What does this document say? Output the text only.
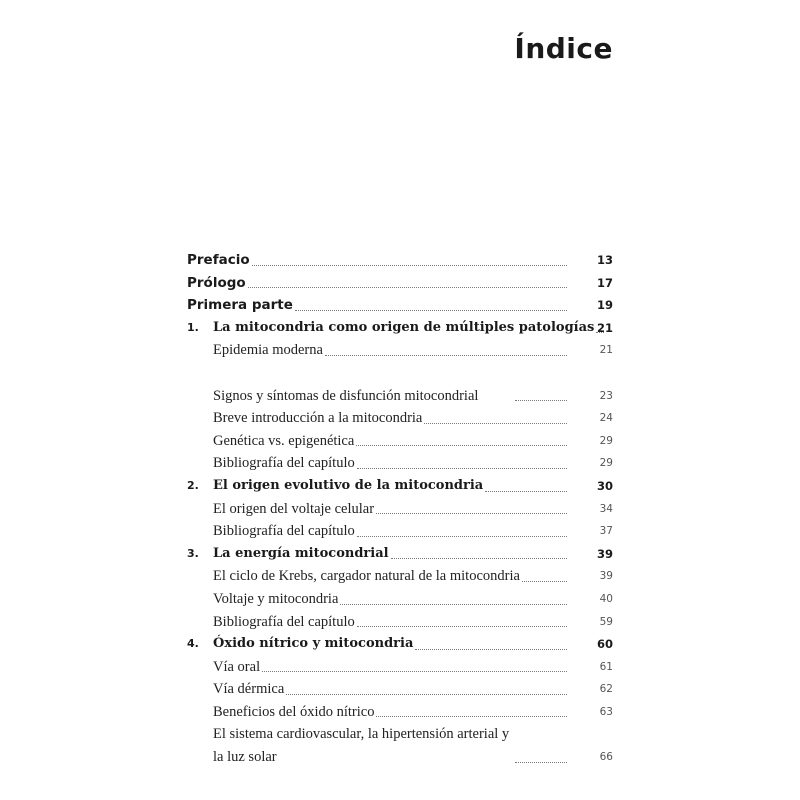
Índice
Prefacio	13
Prólogo	17
Primera parte	19
1.	La mitocondria como origen de múltiples patologías 21
Epidemia moderna	21
Signos y síntomas de disfunción mitocondrial	23
Breve introducción a la mitocondria	24
Genética vs. epigenética	29
Bibliografía del capítulo	29
2.	El origen evolutivo de la mitocondria	30
El origen del voltaje celular	34
Bibliografía del capítulo	37
3.	La energía mitocondrial	39
El ciclo de Krebs, cargador natural de la mitocondria	39
Voltaje y mitocondria	40
Bibliografía del capítulo	59
4.	Óxido nítrico y mitocondria	60
Vía oral	61
Vía dérmica	62
Beneficios del óxido nítrico	63
El sistema cardiovascular, la hipertensión arterial y la luz solar	66
